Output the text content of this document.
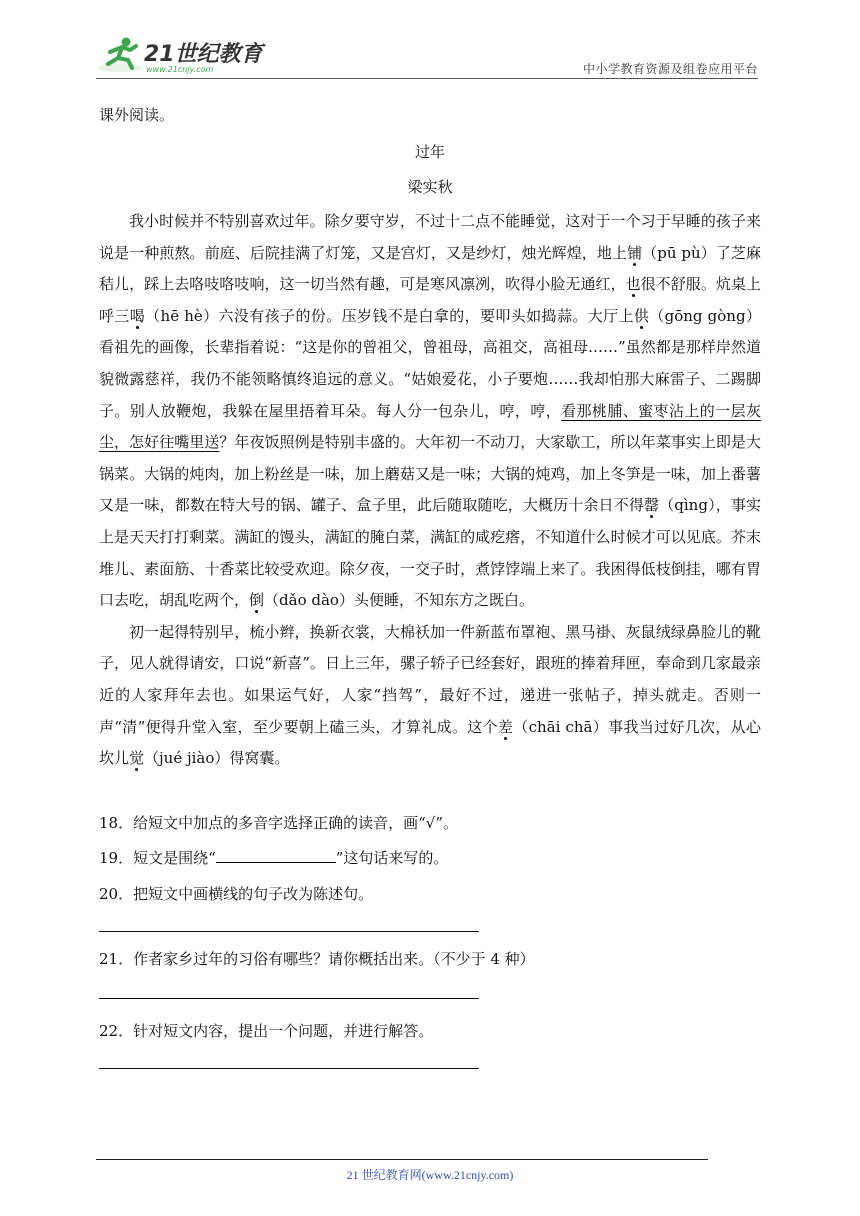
21世纪教育
www.21cnjy.com	中小学教育资源及组卷应用平台
课外阅读。
过年
梁实秋

我小时候并不特别喜欢过年。除夕要守岁，不过十二点不能睡觉，这对于一个习于早睡的孩子来说是一种煎熬。前庭、后院挂满了灯笼，又是宫灯，又是纱灯，烛光辉煌，地上铺（pū pù）了芝麻秸儿，踩上去咯吱咯吱响，这一切当然有趣，可是寒风凛冽，吹得小脸无通红，也很不舒服。炕桌上呼三喝（hē hè）六没有孩子的份。压岁钱不是白拿的，要叩头如捣蒜。大厅上供（gōng gòng）看祖先的画像，长辈指着说：“这是你的曾祖父，曾祖母，高祖交，高祖母……”虽然都是那样岸然道貌微露慈祥，我仍不能领略慎终追远的意义。“姑娘爱花，小子要炮……我却怕那大麻雷子、二踢脚子。别人放鞭炮，我躲在屋里捂着耳朵。每人分一包杂儿，哼，哼，看那桃脯、蜜枣沾上的一层灰尘，怎好往嘴里送？年夜饭照例是特别丰盛的。大年初一不动刀，大家歇工，所以年菜事实上即是大锅菜。大锅的炖肉，加上粉丝是一味，加上蘑菇又是一味；大锅的炖鸡，加上冬笋是一味，加上番薯又是一味，都数在特大号的锅、罐子、盒子里，此后随取随吃，大概历十余日不得罄（qìng），事实上是天天打打剩菜。满缸的馒头，满缸的腌白菜，满缸的咸疙瘩，不知道什么时候才可以见底。芥末堆儿、素面筋、十香菜比较受欢迎。除夕夜，一交子时，煮饽饽端上来了。我困得低枝倒挂，哪有胃口去吃，胡乱吃两个，倒（dǎo dào）头便睡，不知东方之既白。

初一起得特别早，梳小辫，换新衣裳，大棉袄加一件新蓝布罩袍、黑马褂、灰鼠绒绿鼻脸儿的靴子，见人就得请安，口说“新喜”。日上三年，骡子轿子已经套好，跟班的捧着拜匣，奉命到几家最亲近的人家拜年去也。如果运气好，人家“挡驾”，最好不过，递进一张帖子，掉头就走。否则一声“清”便得升堂入室，至少要朝上磕三头，才算礼成。这个差（chāi chā）事我当过好几次，从心坎儿觉（jué jiào）得窝囊。

18．给短文中加点的多音字选择正确的读音，画“√”。
19．短文是围绕“	”这句话来写的。
20．把短文中画横线的句子改为陈述句。
21．作者家乡过年的习俗有哪些？请你概括出来。（不少于 4 种）
22．针对短文内容，提出一个问题，并进行解答。
21 世纪教育网(www.21cnjy.com)
